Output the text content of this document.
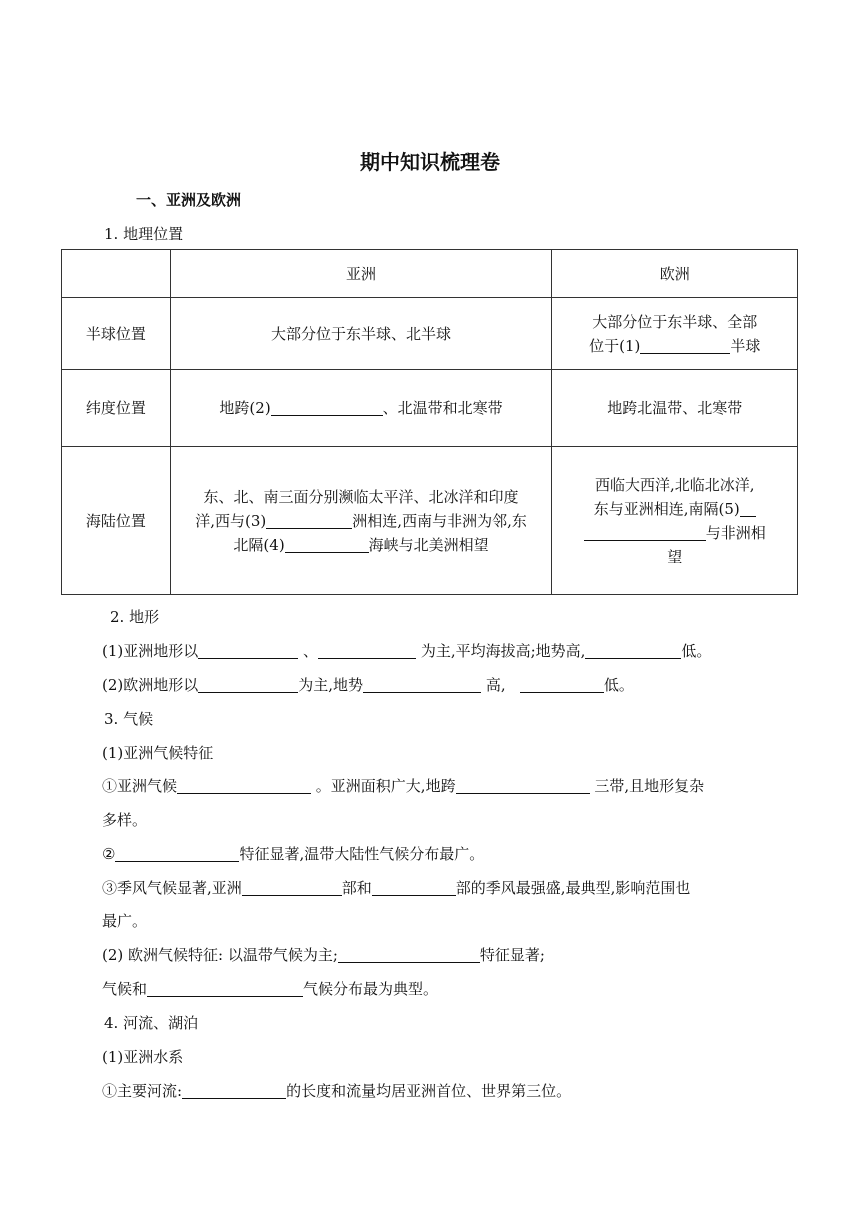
期中知识梳理卷
一、亚洲及欧洲
1. 地理位置
	亚洲	欧洲
半球位置	大部分位于东半球、北半球	大部分位于东半球、全部
位于(1) 半球
纬度位置	地跨(2) 、北温带和北寒带	地跨北温带、北寒带
海陆位置	东、北、南三面分别濒临太平洋、北冰洋和印度
洋,西与(3) 洲相连,西南与非洲为邻,东
北隔(4) 海峡与北美洲相望	西临大西洋,北临北冰洋,
东与亚洲相连,南隔(5)
与非洲相
望
2. 地形
(1)亚洲地形以	、	为主,平均海拔高;地势高,	低。
(2)欧洲地形以	为主,地势	高,	低。
3. 气候
(1)亚洲气候特征
①亚洲气候	。亚洲面积广大,地跨	三带,且地形复杂
多样。
②	特征显著,温带大陆性气候分布最广。
③季风气候显著,亚洲	部和	部的季风最强盛,最典型,影响范围也
最广。
(2) 欧洲气候特征: 以温带气候为主;	特征显著;
气候和	气候分布最为典型。
4. 河流、湖泊
(1)亚洲水系
①主要河流:	的长度和流量均居亚洲首位、世界第三位。
